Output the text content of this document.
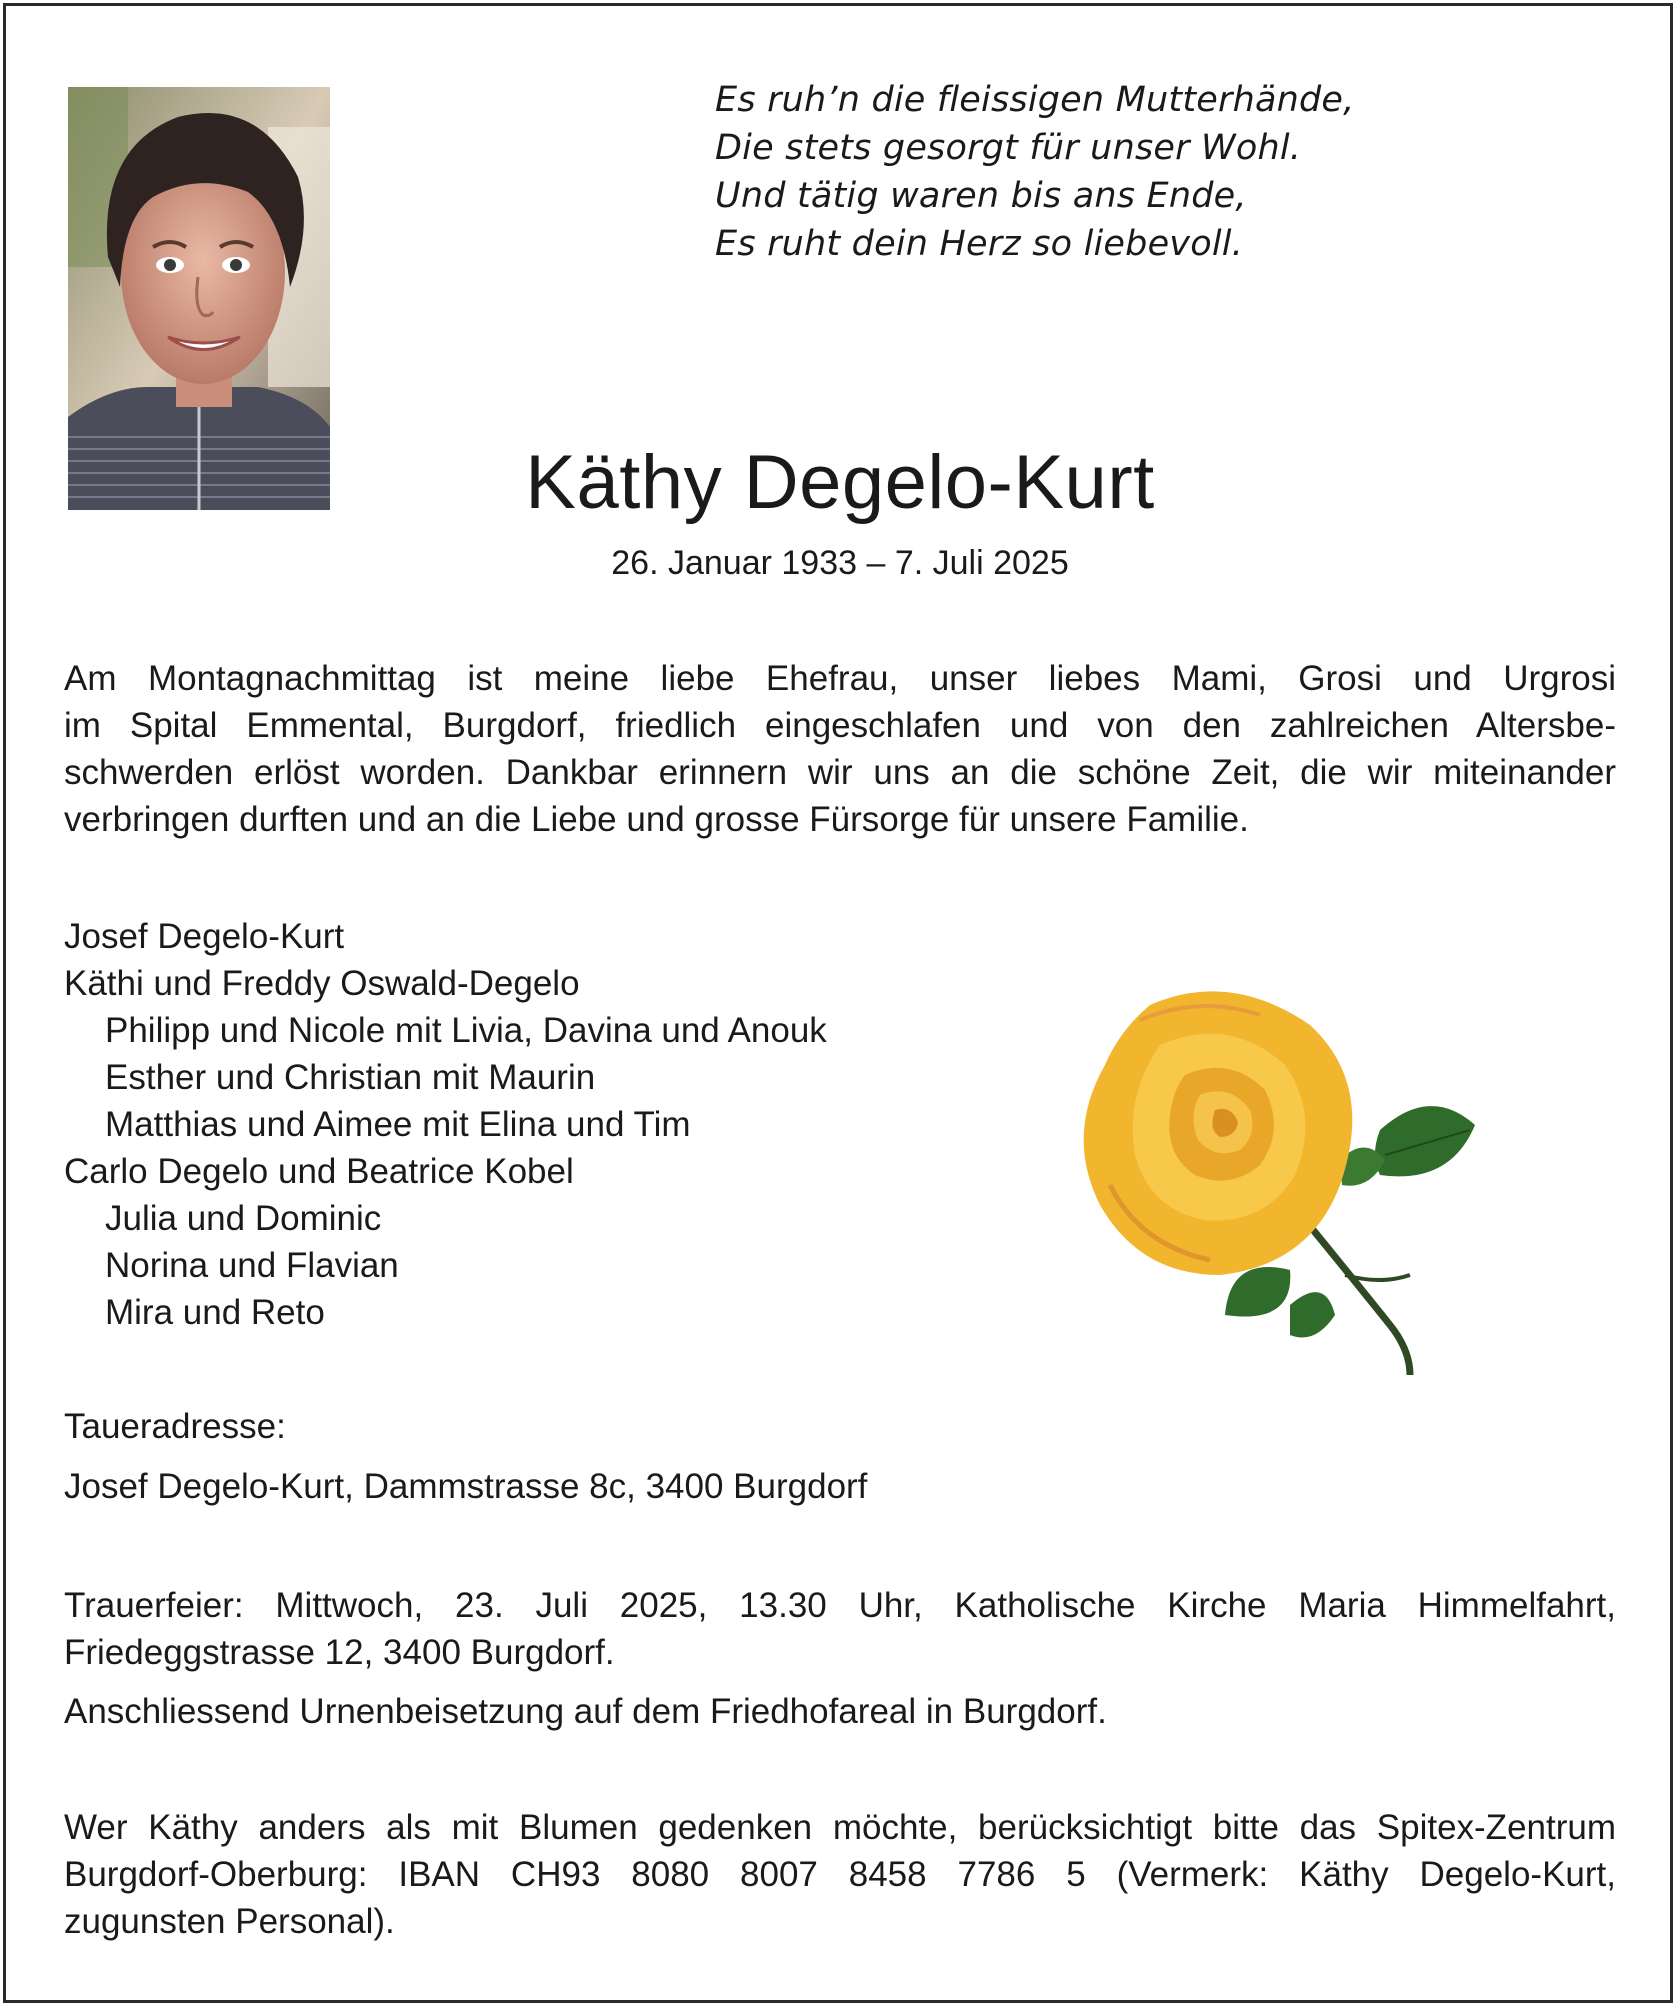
Es ruh’n die fleissigen Mutterhände,
Die stets gesorgt für unser Wohl.
Und tätig waren bis ans Ende,
Es ruht dein Herz so liebevoll.
Käthy Degelo-Kurt
26. Januar 1933 – 7. Juli 2025
Am Montagnachmittag ist meine liebe Ehefrau, unser liebes Mami, Grosi und Urgrosi
im Spital Emmental, Burgdorf, friedlich eingeschlafen und von den zahlreichen Altersbe-
schwerden erlöst worden. Dankbar erinnern wir uns an die schöne Zeit, die wir miteinander
verbringen durften und an die Liebe und grosse Fürsorge für unsere Familie.
Josef Degelo-Kurt
Käthi und Freddy Oswald-Degelo
Philipp und Nicole mit Livia, Davina und Anouk
Esther und Christian mit Maurin
Matthias und Aimee mit Elina und Tim
Carlo Degelo und Beatrice Kobel
Julia und Dominic
Norina und Flavian
Mira und Reto
Taueradresse:
Josef Degelo-Kurt, Dammstrasse 8c, 3400 Burgdorf
Trauerfeier: Mittwoch, 23. Juli 2025, 13.30 Uhr, Katholische Kirche Maria Himmelfahrt,
Friedeggstrasse 12, 3400 Burgdorf.
Anschliessend Urnenbeisetzung auf dem Friedhofareal in Burgdorf.
Wer Käthy anders als mit Blumen gedenken möchte, berücksichtigt bitte das Spitex-Zentrum
Burgdorf-Oberburg: IBAN CH93 8080 8007 8458 7786 5 (Vermerk: Käthy Degelo-Kurt,
zugunsten Personal).
